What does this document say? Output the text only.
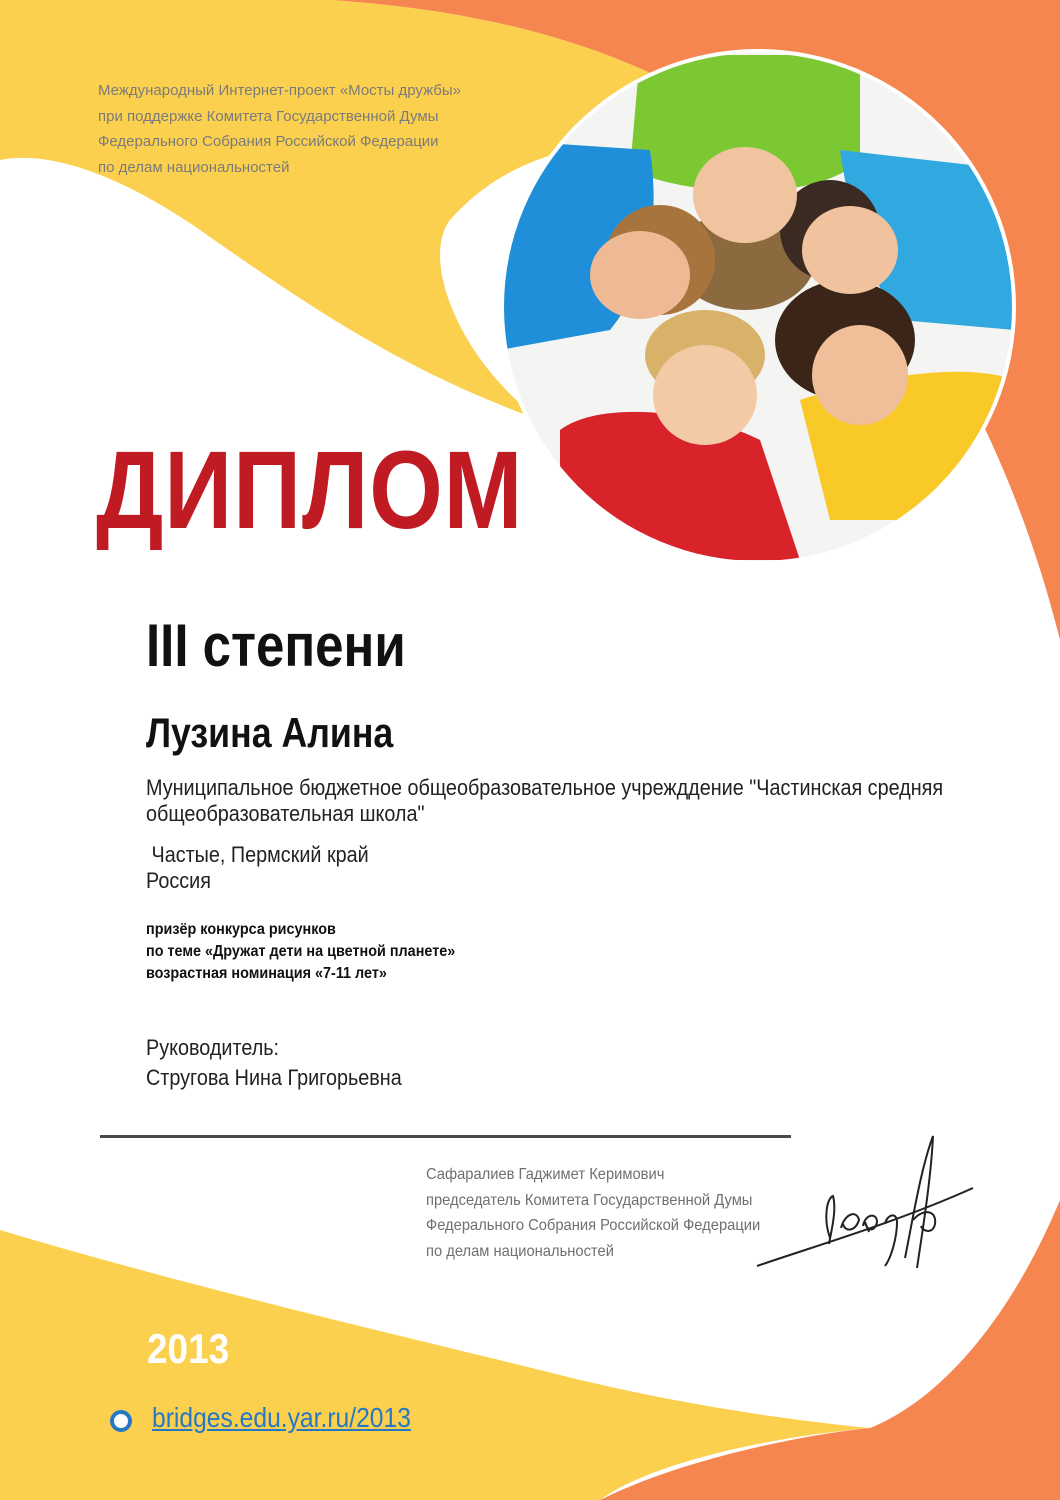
Международный Интернет-проект «Мосты дружбы»
при поддержке Комитета Государственной Думы
Федерального Собрания Российской Федерации
по делам национальностей
ДИПЛОМ
III степени
Лузина Алина
Муниципальное бюджетное общеобразовательное учрежддение "Частинская средняя
общеобразовательная школа"
Частые, Пермский край
Россия
призёр конкурса рисунков
по теме «Дружат дети на цветной планете»
возрастная номинация «7-11 лет»
Руководитель:
Стругова Нина Григорьевна
Сафаралиев Гаджимет Керимович
председатель Комитета Государственной Думы
Федерального Собрания Российской Федерации
по делам национальностей
2013
bridges.edu.yar.ru/2013
